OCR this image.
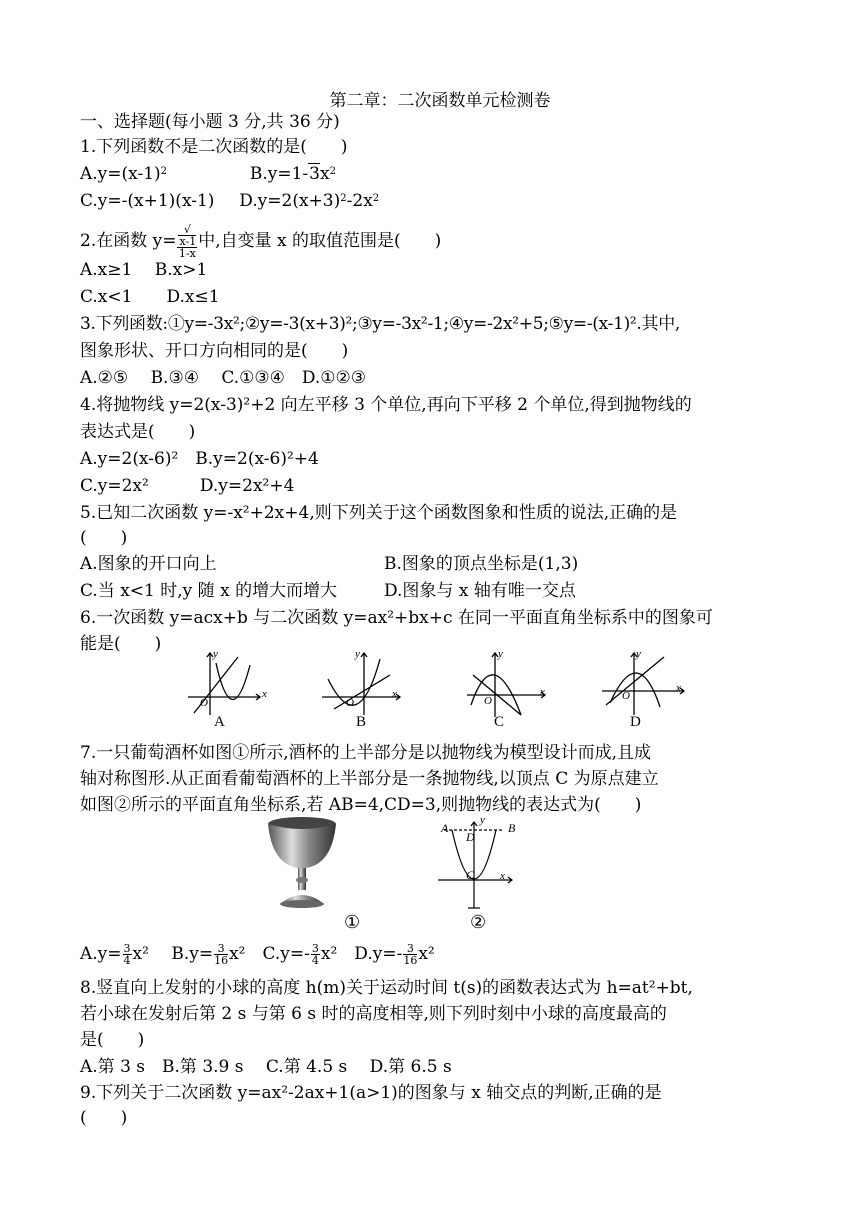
第二章：二次函数单元检测卷
一、选择题(每小题 3 分,共 36 分)
1.下列函数不是二次函数的是(　　)
$A.y=(x-1)^2$	$B.y=1-3x^2$
C.y=-(x+1)(x-1) $D.y=2(x+3)^2-2x^2$
2.在函数 y= √
x-1
1-x 中,自变量 x 的取值范围是(　　)
A.x≥1　 B.x>1
C.x<1　　D.x≤1
3.下列函数:①y=-3x²;②y=-3(x+3)²;③y=-3x²-1;④y=-2x²+5;⑤y=-(x-1)².其中,
图象形状、开口方向相同的是(　　)
A.②⑤　 B.③④　 C.①③④　D.①②③
4.将抛物线 y=2(x-3)²+2 向左平移 3 个单位,再向下平移 2 个单位,得到抛物线的
表达式是(　　)
A.y=2(x-6)²　B.y=2(x-6)²+4
C.y=2x²　　　D.y=2x²+4
5.已知二次函数 y=-x²+2x+4,则下列关于这个函数图象和性质的说法,正确的是
(　　)
A.图象的开口向上	B.图象的顶点坐标是(1,3)
C.当 x<1 时,y 随 x 的增大而增大	D.图象与 x 轴有唯一交点
6.一次函数 y=acx+b 与二次函数 y=ax²+bx+c 在同一平面直角坐标系中的图象可
能是(　　)	y
x
O
A
y
x
O
B
y
x
O
C
y
x
O
D
7.一只葡萄酒杯如图①所示,酒杯的上半部分是以抛物线为模型设计而成,且成
轴对称图形.从正面看葡萄酒杯的上半部分是一条抛物线,以顶点 C 为原点建立
如图②所示的平面直角坐标系,若 AB=4,CD=3,则抛物线的表达式为(　　)
A	B
D
C
y
x
①	②
$A.y= \frac{3}{4} x^2$　 $B.y= \frac{3}{16} x^2$　$C.y=- \frac{3}{4} x^2$　$D.y=- \frac{3}{16} x^2$
8.竖直向上发射的小球的高度 h(m)关于运动时间 t(s)的函数表达式为 h=at²+bt,
若小球在发射后第 2 s 与第 6 s 时的高度相等,则下列时刻中小球的高度最高的
是(　　)
A.第 3 s　B.第 3.9 s　 C.第 4.5 s　 D.第 6.5 s
9.下列关于二次函数 y=ax²-2ax+1(a>1)的图象与 x 轴交点的判断,正确的是
(　　)
